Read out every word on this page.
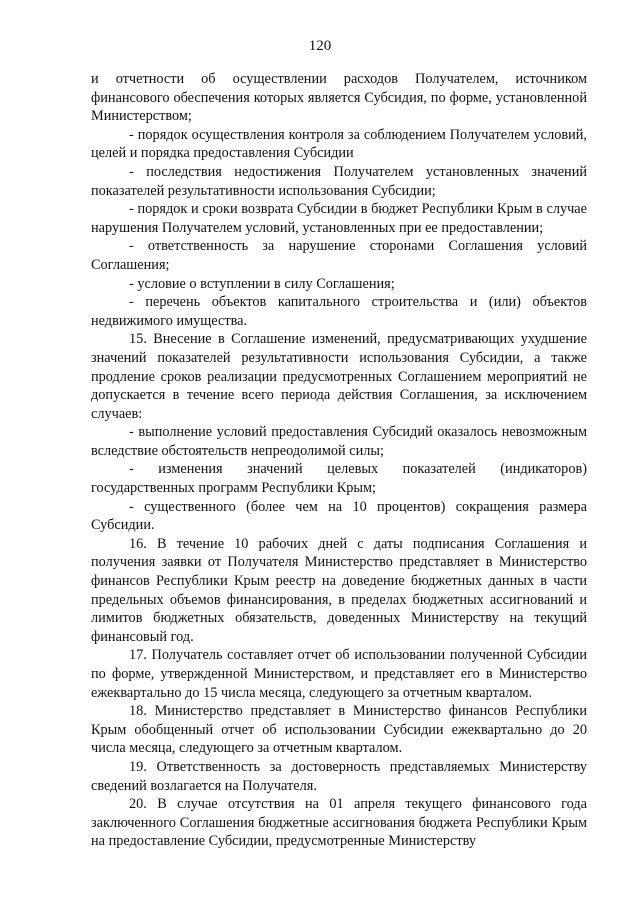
120

и отчетности об осуществлении расходов Получателем, источником финансового обеспечения которых является Субсидия, по форме, установленной Министерством;

- порядок осуществления контроля за соблюдением Получателем условий, целей и порядка предоставления Субсидии

- последствия недостижения Получателем установленных значений показателей результативности использования Субсидии;

- порядок и сроки возврата Субсидии в бюджет Республики Крым в случае нарушения Получателем условий, установленных при ее предоставлении;

- ответственность за нарушение сторонами Соглашения условий Соглашения;

- условие о вступлении в силу Соглашения;

- перечень объектов капитального строительства и (или) объектов недвижимого имущества.

15. Внесение в Соглашение изменений, предусматривающих ухудшение значений показателей результативности использования Субсидии, а также продление сроков реализации предусмотренных Соглашением мероприятий не допускается в течение всего периода действия Соглашения, за исключением случаев:

- выполнение условий предоставления Субсидий оказалось невозможным вследствие обстоятельств непреодолимой силы;

- изменения значений целевых показателей (индикаторов) государственных программ Республики Крым;

- существенного (более чем на 10 процентов) сокращения размера Субсидии.

16. В течение 10 рабочих дней с даты подписания Соглашения и получения заявки от Получателя Министерство представляет в Министерство финансов Республики Крым реестр на доведение бюджетных данных в части предельных объемов финансирования, в пределах бюджетных ассигнований и лимитов бюджетных обязательств, доведенных Министерству на текущий финансовый год.

17. Получатель составляет отчет об использовании полученной Субсидии по форме, утвержденной Министерством, и представляет его в Министерство ежеквартально до 15 числа месяца, следующего за отчетным кварталом.

18. Министерство представляет в Министерство финансов Республики Крым обобщенный отчет об использовании Субсидии ежеквартально до 20 числа месяца, следующего за отчетным кварталом.

19. Ответственность за достоверность представляемых Министерству сведений возлагается на Получателя.

20. В случае отсутствия на 01 апреля текущего финансового года заключенного Соглашения бюджетные ассигнования бюджета Республики Крым на предоставление Субсидии, предусмотренные Министерству
